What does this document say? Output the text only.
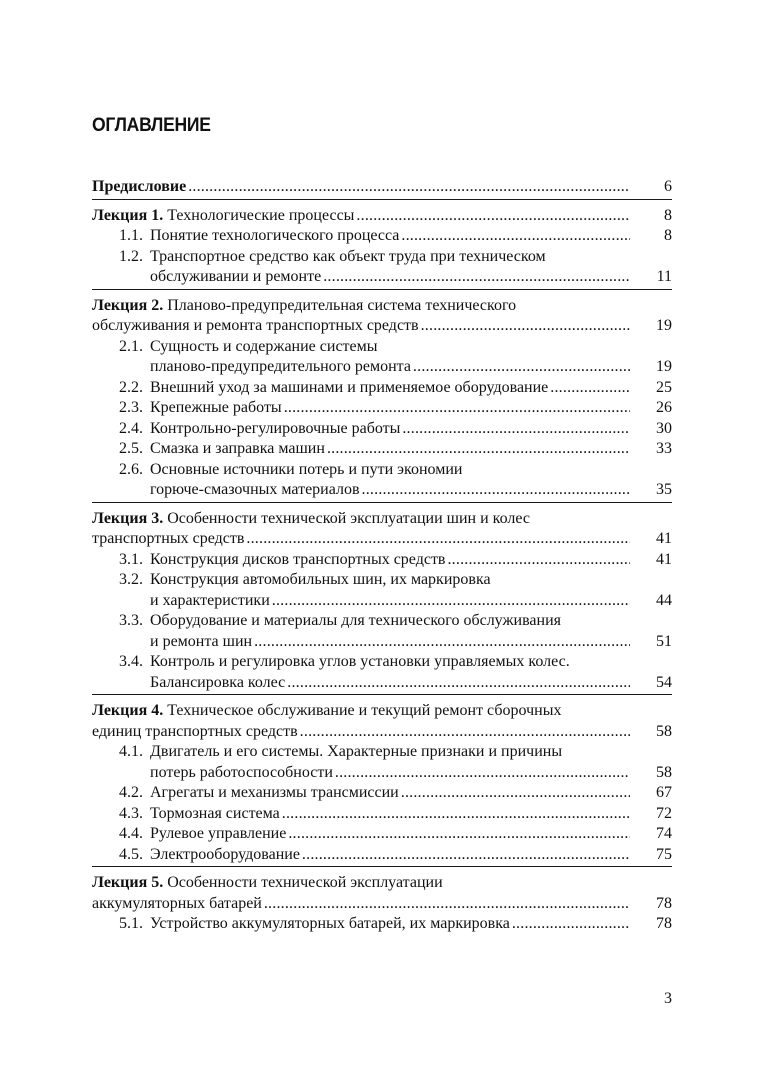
ОГЛАВЛЕНИЕ
Предисловие .....	6
Лекция 1. Технологические процессы .....	8
1.1. Понятие технологического процесса .....	8
1.2. Транспортное средство как объект труда при техническом
обслуживании и ремонте .....	11
Лекция 2. Планово-предупредительная система технического
обслуживания и ремонта транспортных средств .....	19
2.1. Сущность и содержание системы
планово-предупредительного ремонта .....	19
2.2. Внешний уход за машинами и применяемое оборудование .....	25
2.3. Крепежные работы .....	26
2.4. Контрольно-регулировочные работы .....	30
2.5. Смазка и заправка машин .....	33
2.6. Основные источники потерь и пути экономии
горюче-смазочных материалов .....	35
Лекция 3. Особенности технической эксплуатации шин и колес
транспортных средств .....	41
3.1. Конструкция дисков транспортных средств .....	41
3.2. Конструкция автомобильных шин, их маркировка
и характеристики .....	44
3.3. Оборудование и материалы для технического обслуживания
и ремонта шин .....	51
3.4. Контроль и регулировка углов установки управляемых колес.
Балансировка колес .....	54
Лекция 4. Техническое обслуживание и текущий ремонт сборочных
единиц транспортных средств .....	58
4.1. Двигатель и его системы. Характерные признаки и причины
потерь работоспособности .....	58
4.2. Агрегаты и механизмы трансмиссии .....	67
4.3. Тормозная система .....	72
4.4. Рулевое управление .....	74
4.5. Электрооборудование .....	75
Лекция 5. Особенности технической эксплуатации
аккумуляторных батарей .....	78
5.1. Устройство аккумуляторных батарей, их маркировка .....	78
3
